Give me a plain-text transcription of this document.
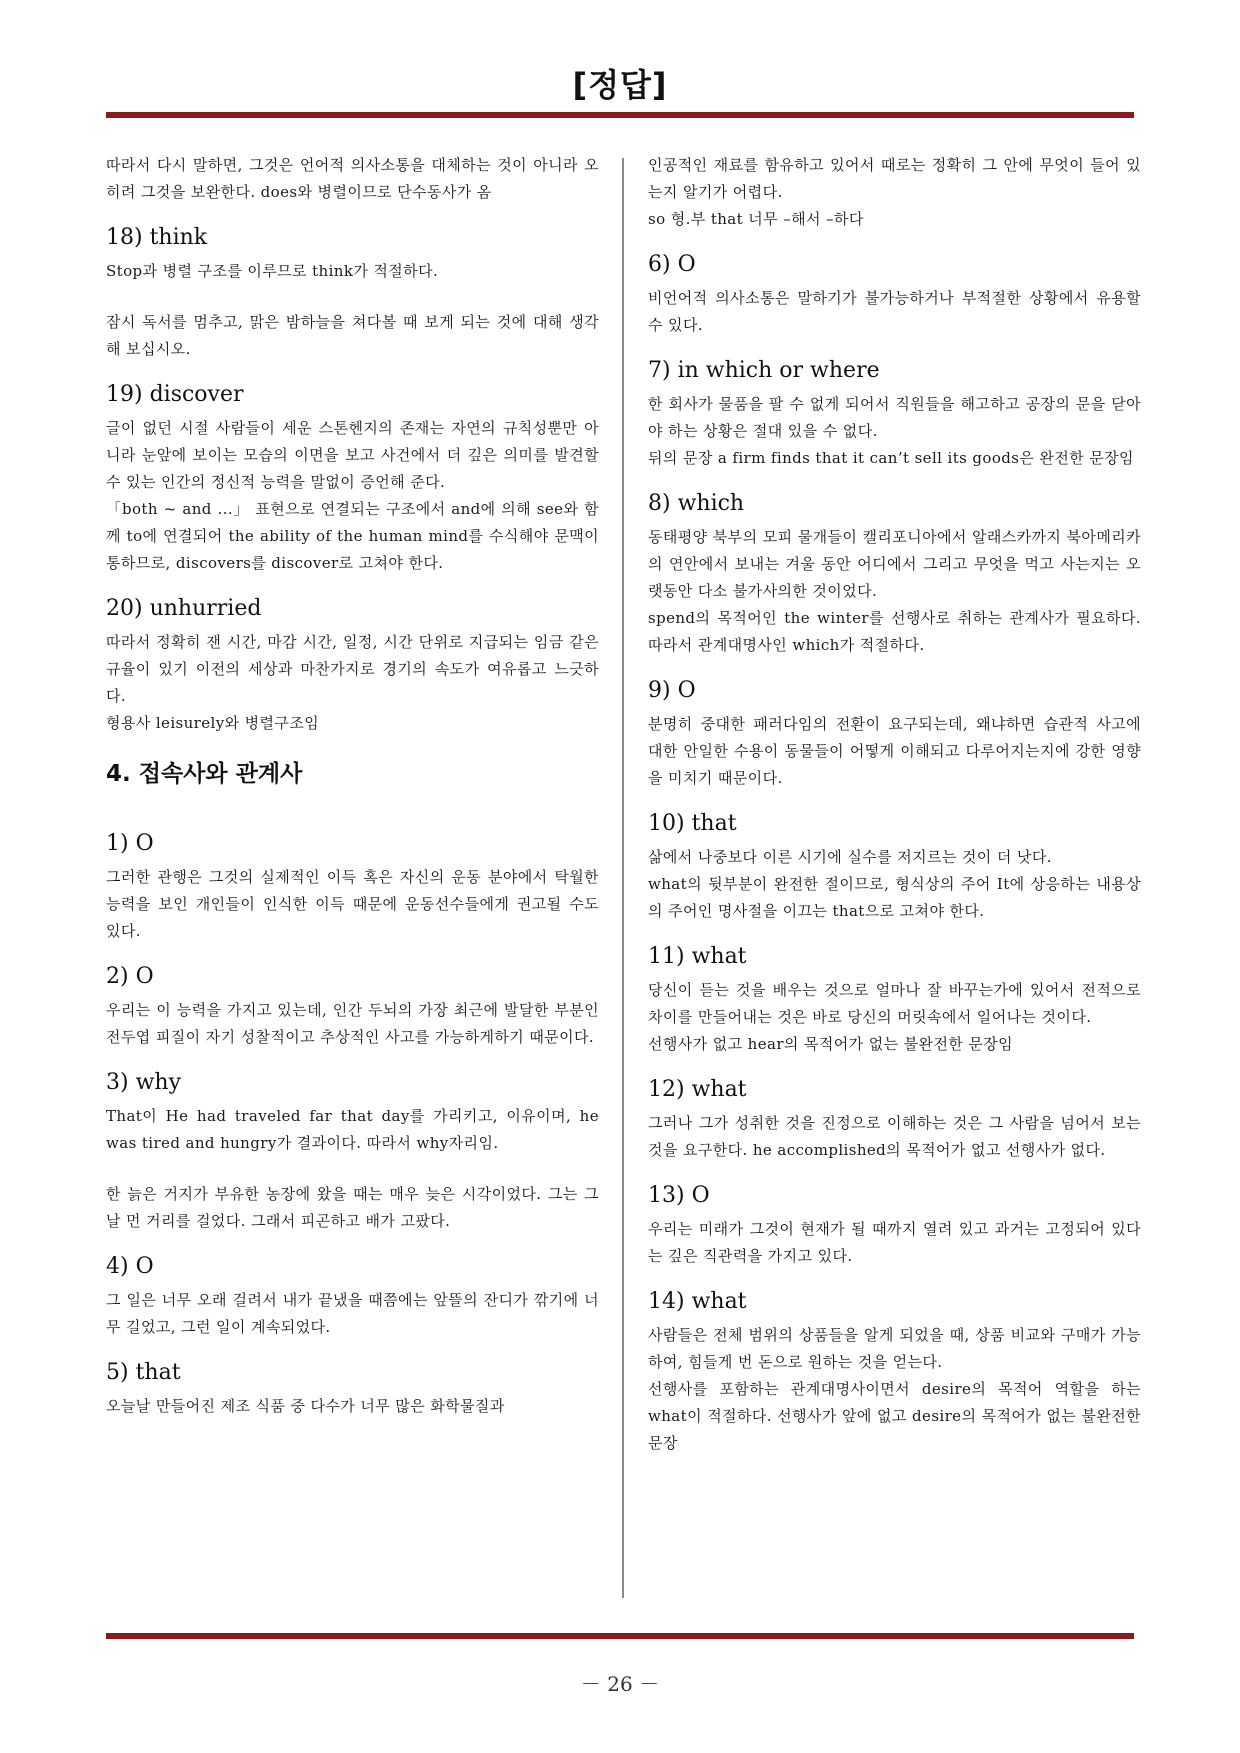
[정답]

따라서 다시 말하면, 그것은 언어적 의사소통을 대체하는 것이 아니라 오히려 그것을 보완한다. does와 병렬이므로 단수동사가 옴

18) think

Stop과 병렬 구조를 이루므로 think가 적절하다.

잠시 독서를 멈추고, 맑은 밤하늘을 쳐다볼 때 보게 되는 것에 대해 생각해 보십시오.

19) discover

글이 없던 시절 사람들이 세운 스톤헨지의 존재는 자연의 규칙성뿐만 아니라 눈앞에 보이는 모습의 이면을 보고 사건에서 더 깊은 의미를 발견할 수 있는 인간의 정신적 능력을 말없이 증언해 준다.

「both ~ and ...」 표현으로 연결되는 구조에서 and에 의해 see와 함께 to에 연결되어 the ability of the human mind를 수식해야 문맥이 통하므로, discovers를 discover로 고쳐야 한다.

20) unhurried

따라서 정확히 잰 시간, 마감 시간, 일정, 시간 단위로 지급되는 임금 같은 규율이 있기 이전의 세상과 마찬가지로 경기의 속도가 여유롭고 느긋하다.

형용사 leisurely와 병렬구조임

4. 접속사와 관계사
1) O

그러한 관행은 그것의 실제적인 이득 혹은 자신의 운동 분야에서 탁월한 능력을 보인 개인들이 인식한 이득 때문에 운동선수들에게 권고될 수도 있다.

2) O

우리는 이 능력을 가지고 있는데, 인간 두뇌의 가장 최근에 발달한 부분인 전두엽 피질이 자기 성찰적이고 추상적인 사고를 가능하게하기 때문이다.

3) why

That이 He had traveled far that day를 가리키고, 이유이며, he was tired and hungry가 결과이다. 따라서 why자리임.

한 늙은 거지가 부유한 농장에 왔을 때는 매우 늦은 시각이었다. 그는 그날 먼 거리를 걸었다. 그래서 피곤하고 배가 고팠다.

4) O

그 일은 너무 오래 걸려서 내가 끝냈을 때쯤에는 앞뜰의 잔디가 깎기에 너무 길었고, 그런 일이 계속되었다.

5) that

오늘날 만들어진 제조 식품 중 다수가 너무 많은 화학물질과

인공적인 재료를 함유하고 있어서 때로는 정확히 그 안에 무엇이 들어 있는지 알기가 어렵다.

so 형.부 that 너무 –해서 –하다

6) O

비언어적 의사소통은 말하기가 불가능하거나 부적절한 상황에서 유용할 수 있다.

7) in which or where

한 회사가 물품을 팔 수 없게 되어서 직원들을 해고하고 공장의 문을 닫아야 하는 상황은 절대 있을 수 없다.

뒤의 문장 a firm finds that it can’t sell its goods은 완전한 문장임

8) which

동태평양 북부의 모피 물개들이 캘리포니아에서 알래스카까지 북아메리카의 연안에서 보내는 겨울 동안 어디에서 그리고 무엇을 먹고 사는지는 오랫동안 다소 불가사의한 것이었다.

spend의 목적어인 the winter를 선행사로 취하는 관계사가 필요하다. 따라서 관계대명사인 which가 적절하다.

9) O

분명히 중대한 패러다임의 전환이 요구되는데, 왜냐하면 습관적 사고에 대한 안일한 수용이 동물들이 어떻게 이해되고 다루어지는지에 강한 영향을 미치기 때문이다.

10) that

삶에서 나중보다 이른 시기에 실수를 저지르는 것이 더 낫다.

what의 뒷부분이 완전한 절이므로, 형식상의 주어 It에 상응하는 내용상의 주어인 명사절을 이끄는 that으로 고쳐야 한다.

11) what

당신이 듣는 것을 배우는 것으로 얼마나 잘 바꾸는가에 있어서 전적으로 차이를 만들어내는 것은 바로 당신의 머릿속에서 일어나는 것이다.

선행사가 없고 hear의 목적어가 없는 불완전한 문장임

12) what

그러나 그가 성취한 것을 진정으로 이해하는 것은 그 사람을 넘어서 보는 것을 요구한다. he accomplished의 목적어가 없고 선행사가 없다.

13) O

우리는 미래가 그것이 현재가 될 때까지 열려 있고 과거는 고정되어 있다는 깊은 직관력을 가지고 있다.

14) what

사람들은 전체 범위의 상품들을 알게 되었을 때, 상품 비교와 구매가 가능하여, 힘들게 번 돈으로 원하는 것을 얻는다.

선행사를 포함하는 관계대명사이면서 desire의 목적어 역할을 하는 what이 적절하다. 선행사가 앞에 없고 desire의 목적어가 없는 불완전한 문장

－ 26 －
